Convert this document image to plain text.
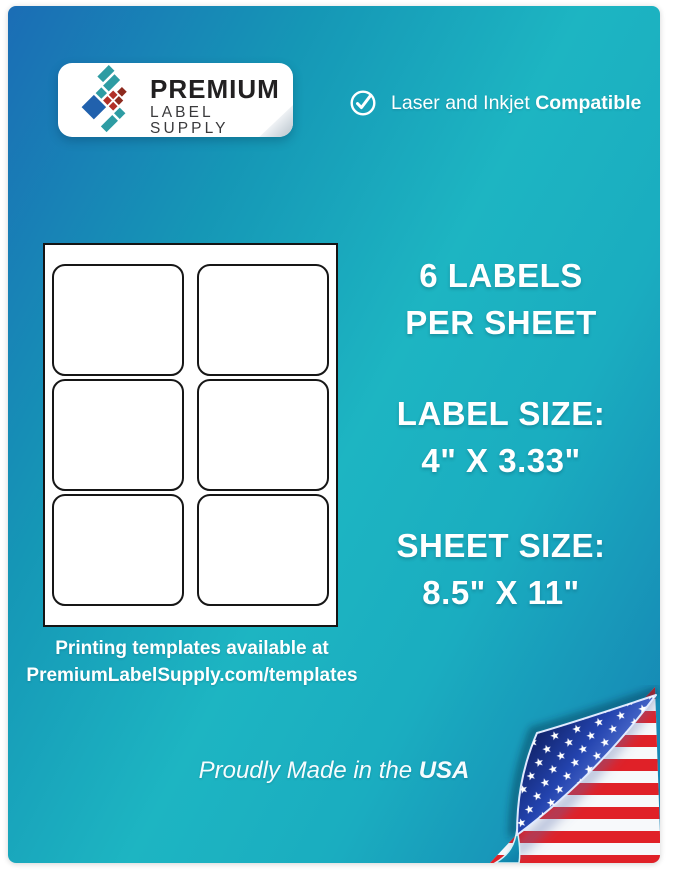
PREMIUM
LABEL SUPPLY
Laser and Inkjet Compatible
Printing templates available at
PremiumLabelSupply.com/templates
6 LABELS
PER SHEET
LABEL SIZE:
4" X 3.33"
SHEET SIZE:
8.5" X 11"
Proudly Made in the USA
